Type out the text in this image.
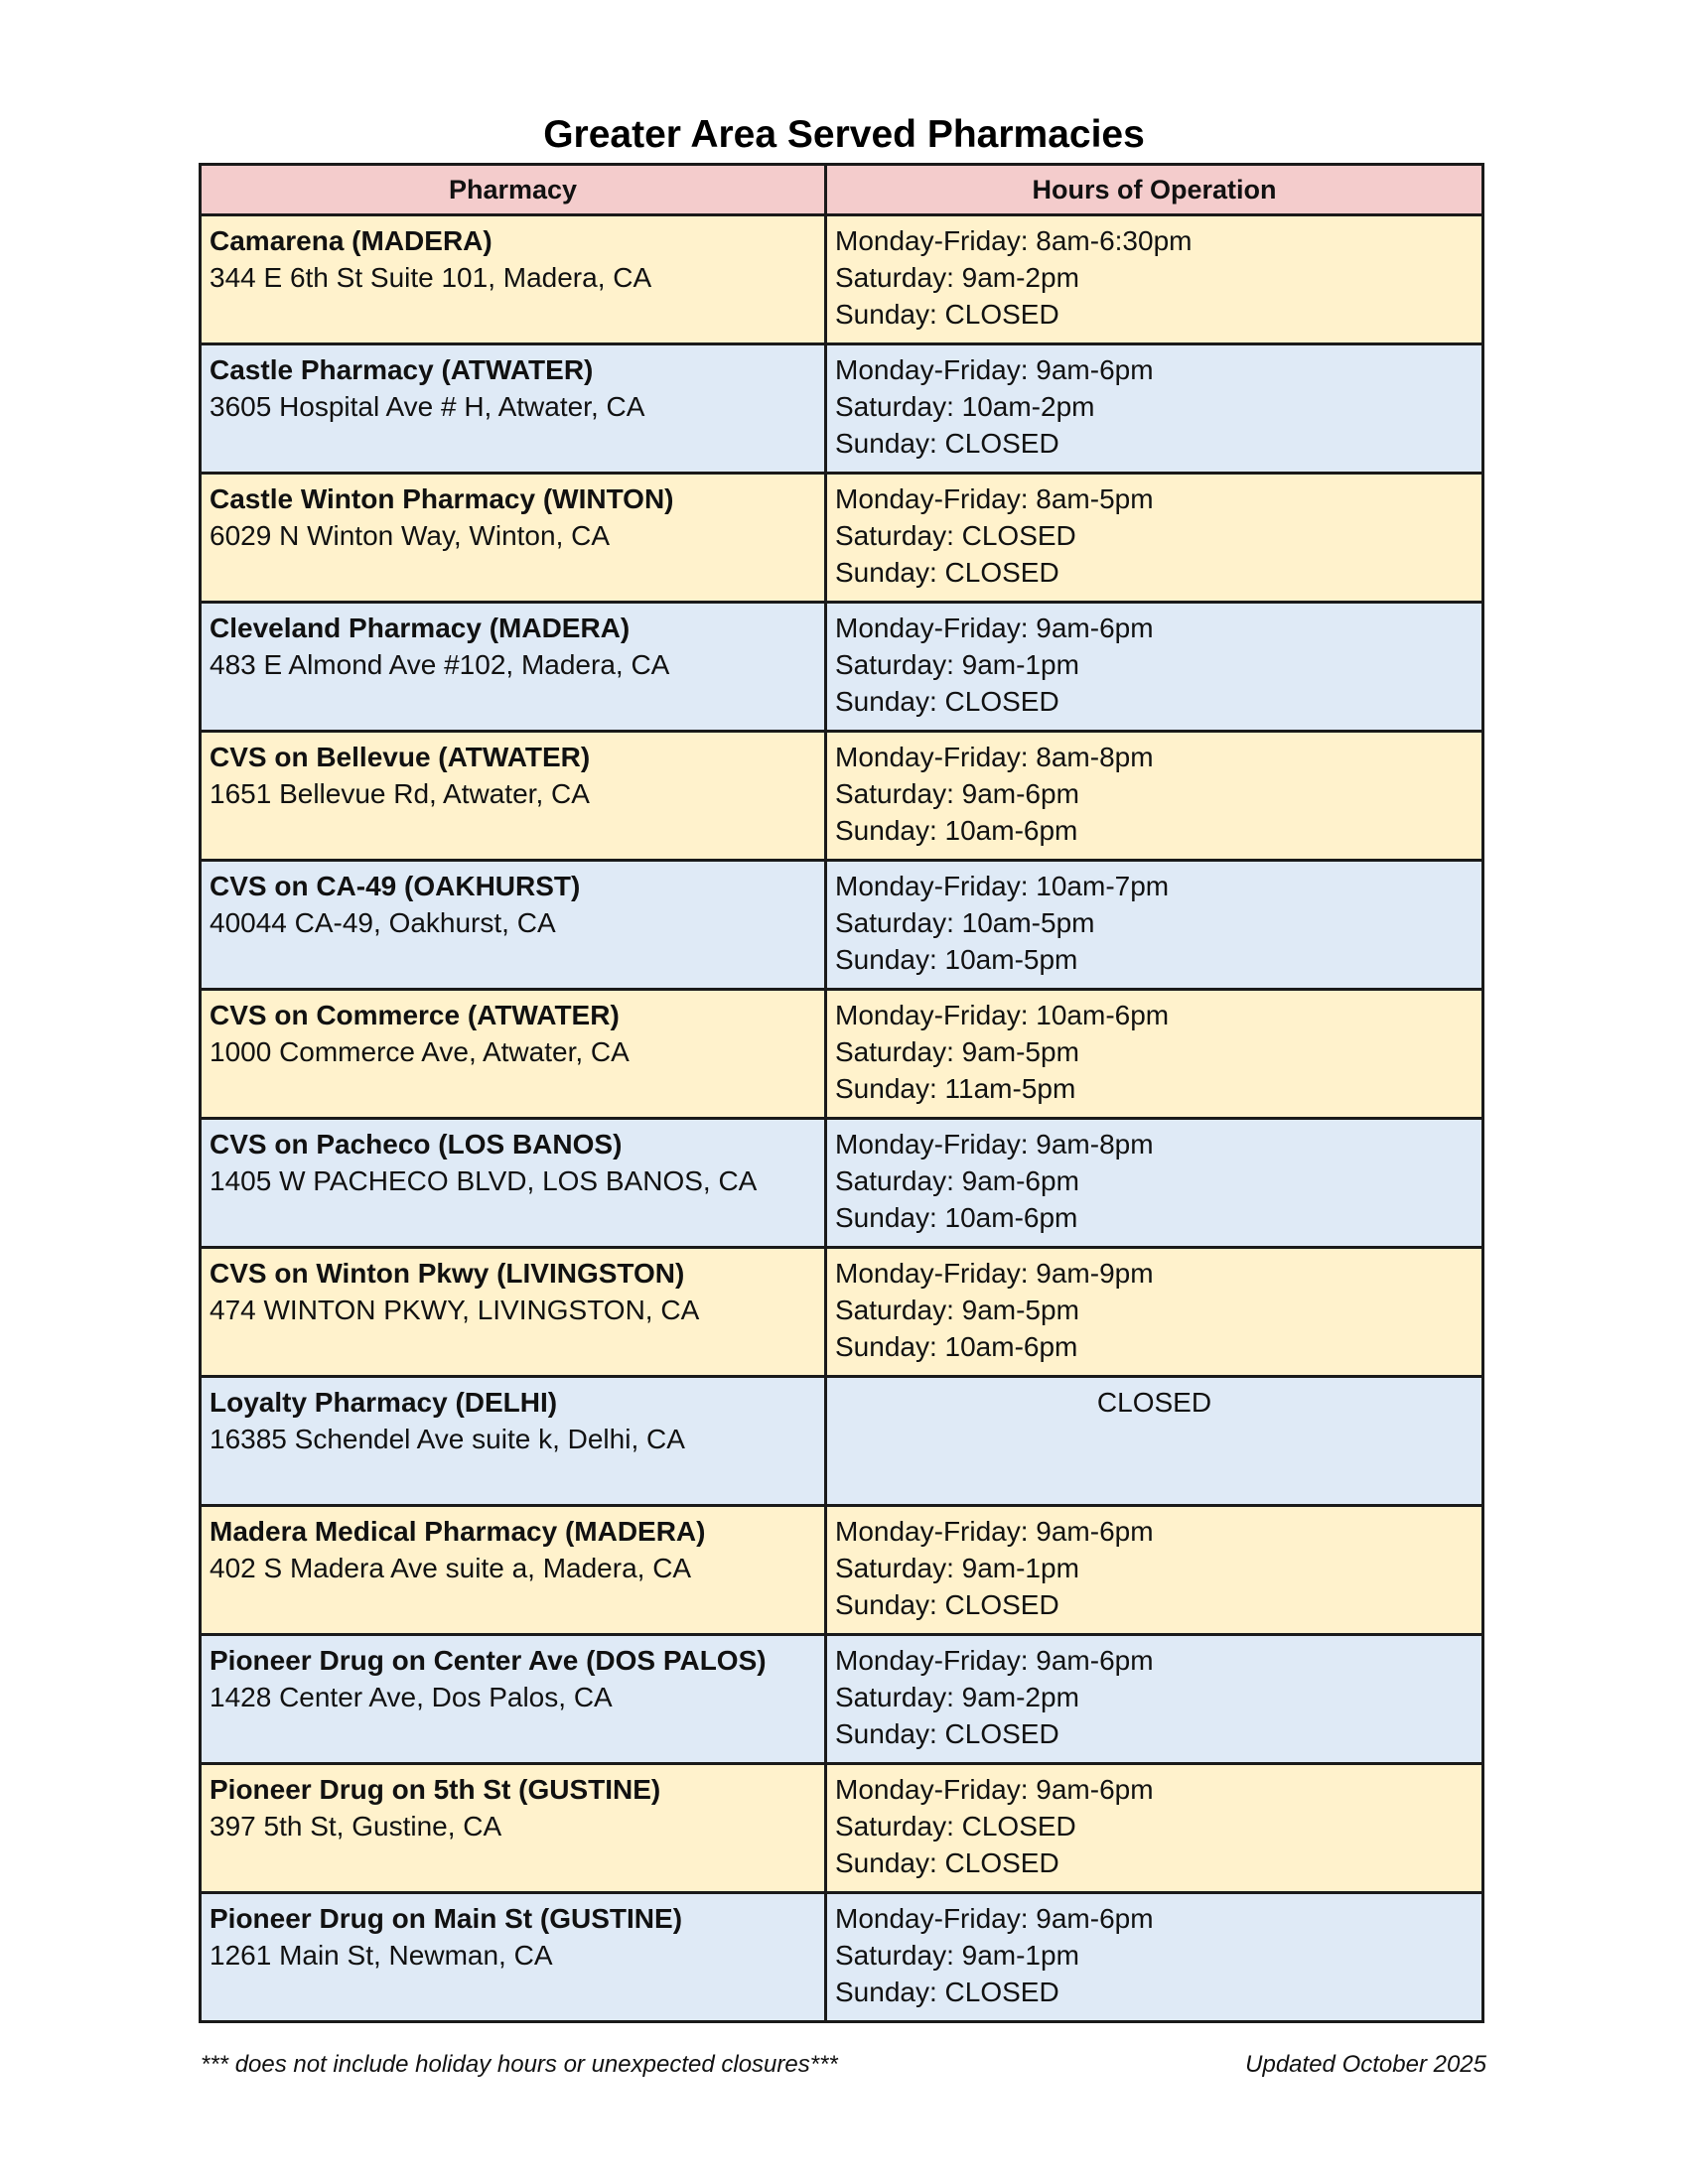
Greater Area Served Pharmacies
Pharmacy	Hours of Operation

Camarena (MADERA)
344 E 6th St Suite 101, Madera, CA	Monday-Friday: 8am-6:30pm
Saturday: 9am-2pm
Sunday: CLOSED

Castle Pharmacy (ATWATER)
3605 Hospital Ave # H, Atwater, CA	Monday-Friday: 9am-6pm
Saturday: 10am-2pm
Sunday: CLOSED

Castle Winton Pharmacy (WINTON)
6029 N Winton Way, Winton, CA	Monday-Friday: 8am-5pm
Saturday: CLOSED
Sunday: CLOSED

Cleveland Pharmacy (MADERA)
483 E Almond Ave #102, Madera, CA	Monday-Friday: 9am-6pm
Saturday: 9am-1pm
Sunday: CLOSED

CVS on Bellevue (ATWATER)
1651 Bellevue Rd, Atwater, CA	Monday-Friday: 8am-8pm
Saturday: 9am-6pm
Sunday: 10am-6pm

CVS on CA-49 (OAKHURST)
40044 CA-49, Oakhurst, CA	Monday-Friday: 10am-7pm
Saturday: 10am-5pm
Sunday: 10am-5pm

CVS on Commerce (ATWATER)
1000 Commerce Ave, Atwater, CA	Monday-Friday: 10am-6pm
Saturday: 9am-5pm
Sunday: 11am-5pm

CVS on Pacheco (LOS BANOS)
1405 W PACHECO BLVD, LOS BANOS, CA	Monday-Friday: 9am-8pm
Saturday: 9am-6pm
Sunday: 10am-6pm

CVS on Winton Pkwy (LIVINGSTON)
474 WINTON PKWY, LIVINGSTON, CA	Monday-Friday: 9am-9pm
Saturday: 9am-5pm
Sunday: 10am-6pm

Loyalty Pharmacy (DELHI)
16385 Schendel Ave suite k, Delhi, CA	CLOSED

Madera Medical Pharmacy (MADERA)
402 S Madera Ave suite a, Madera, CA	Monday-Friday: 9am-6pm
Saturday: 9am-1pm
Sunday: CLOSED

Pioneer Drug on Center Ave (DOS PALOS)
1428 Center Ave, Dos Palos, CA	Monday-Friday: 9am-6pm
Saturday: 9am-2pm
Sunday: CLOSED

Pioneer Drug on 5th St (GUSTINE)
397 5th St, Gustine, CA	Monday-Friday: 9am-6pm
Saturday: CLOSED
Sunday: CLOSED

Pioneer Drug on Main St (GUSTINE)
1261 Main St, Newman, CA	Monday-Friday: 9am-6pm
Saturday: 9am-1pm
Sunday: CLOSED
*** does not include holiday hours or unexpected closures***	Updated October 2025
